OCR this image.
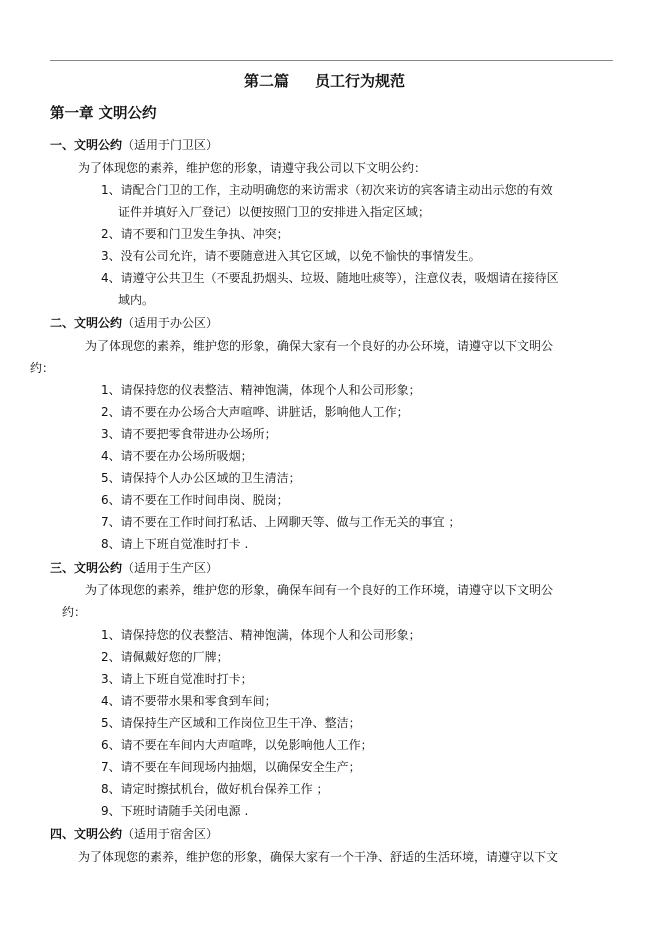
第二篇 员工行为规范
第一章 文明公约
一、文明公约（适用于门卫区）
为了体现您的素养，维护您的形象，请遵守我公司以下文明公约：
1、请配合门卫的工作，主动明确您的来访需求（初次来访的宾客请主动出示您的有效
证件并填好入厂登记）以便按照门卫的安排进入指定区域；
2、请不要和门卫发生争执、冲突；
3、没有公司允许，请不要随意进入其它区域，以免不愉快的事情发生。
4、请遵守公共卫生（不要乱扔烟头、垃圾、随地吐痰等），注意仪表，吸烟请在接待区
域内。
二、文明公约（适用于办公区）
为了体现您的素养，维护您的形象，确保大家有一个良好的办公环境，请遵守以下文明公
约：
1、请保持您的仪表整洁、精神饱满，体现个人和公司形象；
2、请不要在办公场合大声喧哗、讲脏话，影响他人工作；
3、请不要把零食带进办公场所；
4、请不要在办公场所吸烟；
5、请保持个人办公区域的卫生清洁；
6、请不要在工作时间串岗、脱岗；
7、请不要在工作时间打私话、上网聊天等、做与工作无关的事宜 ；
8、请上下班自觉准时打卡 .
三、文明公约（适用于生产区）
为了体现您的素养，维护您的形象，确保车间有一个良好的工作环境，请遵守以下文明公
约：
1、请保持您的仪表整洁、精神饱满，体现个人和公司形象；
2、请佩戴好您的厂牌；
3、请上下班自觉准时打卡；
4、请不要带水果和零食到车间；
5、请保持生产区域和工作岗位卫生干净、整洁；
6、请不要在车间内大声喧哗，以免影响他人工作；
7、请不要在车间现场内抽烟，以确保安全生产；
8、请定时擦拭机台，做好机台保养工作 ；
9、下班时请随手关闭电源 .
四、文明公约（适用于宿舍区）
为了体现您的素养，维护您的形象，确保大家有一个干净、舒适的生活环境，请遵守以下文
